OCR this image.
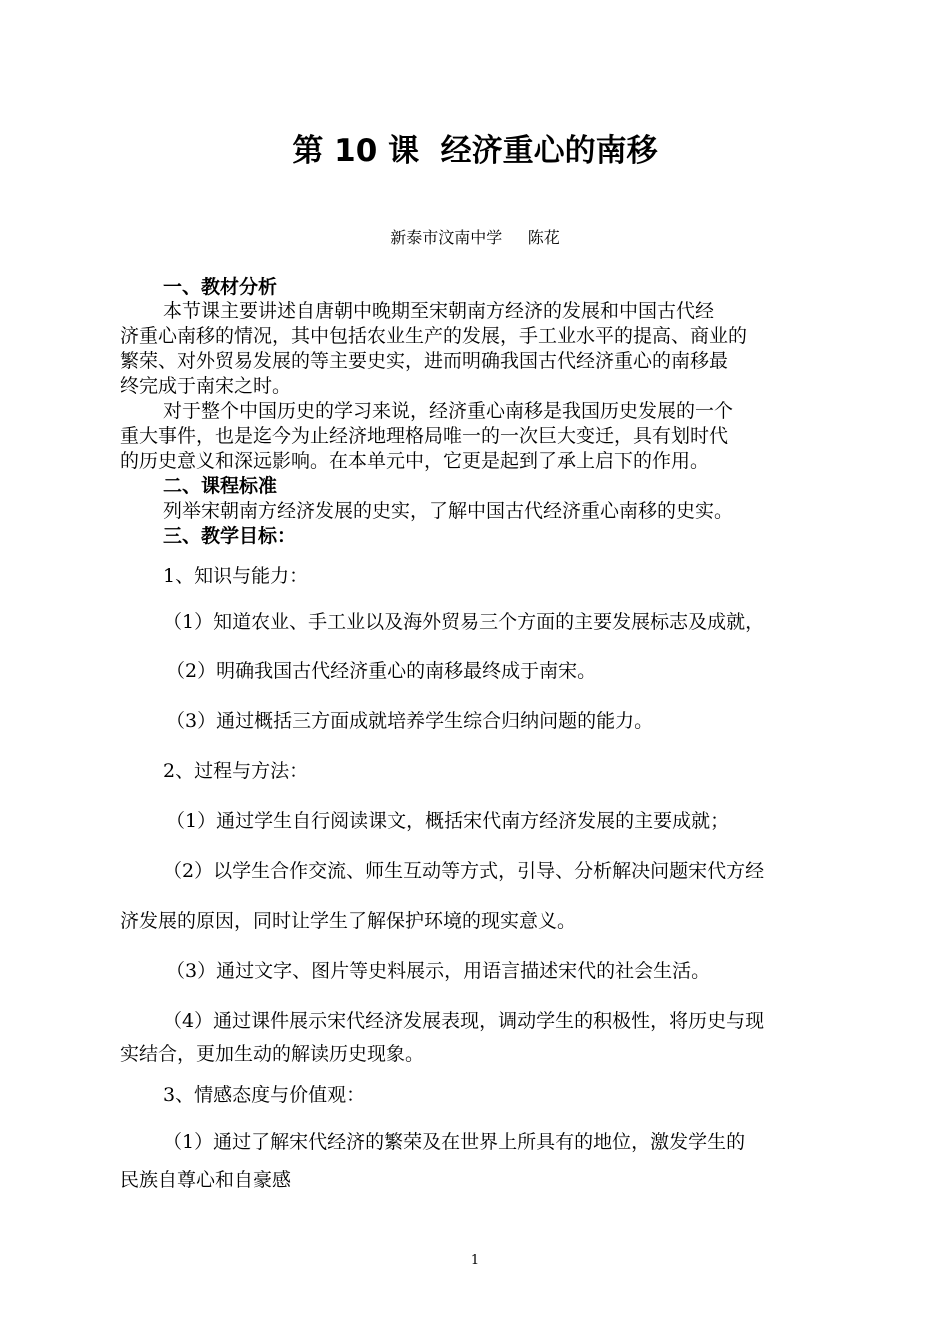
第 10 课  经济重心的南移
新泰市汶南中学     陈花
一、教材分析
本节课主要讲述自唐朝中晚期至宋朝南方经济的发展和中国古代经
济重心南移的情况，其中包括农业生产的发展，手工业水平的提高、商业的
繁荣、对外贸易发展的等主要史实，进而明确我国古代经济重心的南移最
终完成于南宋之时。
对于整个中国历史的学习来说，经济重心南移是我国历史发展的一个
重大事件，也是迄今为止经济地理格局唯一的一次巨大变迁，具有划时代
的历史意义和深远影响。在本单元中，它更是起到了承上启下的作用。
二、课程标准
列举宋朝南方经济发展的史实，了解中国古代经济重心南移的史实。
三、教学目标：
1、知识与能力：
（1）知道农业、手工业以及海外贸易三个方面的主要发展标志及成就，
（2）明确我国古代经济重心的南移最终成于南宋。
（3）通过概括三方面成就培养学生综合归纳问题的能力。
2、过程与方法：
（1）通过学生自行阅读课文，概括宋代南方经济发展的主要成就；
（2）以学生合作交流、师生互动等方式，引导、分析解决问题宋代方经
济发展的原因，同时让学生了解保护环境的现实意义。
（3）通过文字、图片等史料展示，用语言描述宋代的社会生活。
（4）通过课件展示宋代经济发展表现，调动学生的积极性，将历史与现
实结合，更加生动的解读历史现象。
3、情感态度与价值观：
（1）通过了解宋代经济的繁荣及在世界上所具有的地位，激发学生的
民族自尊心和自豪感
1
